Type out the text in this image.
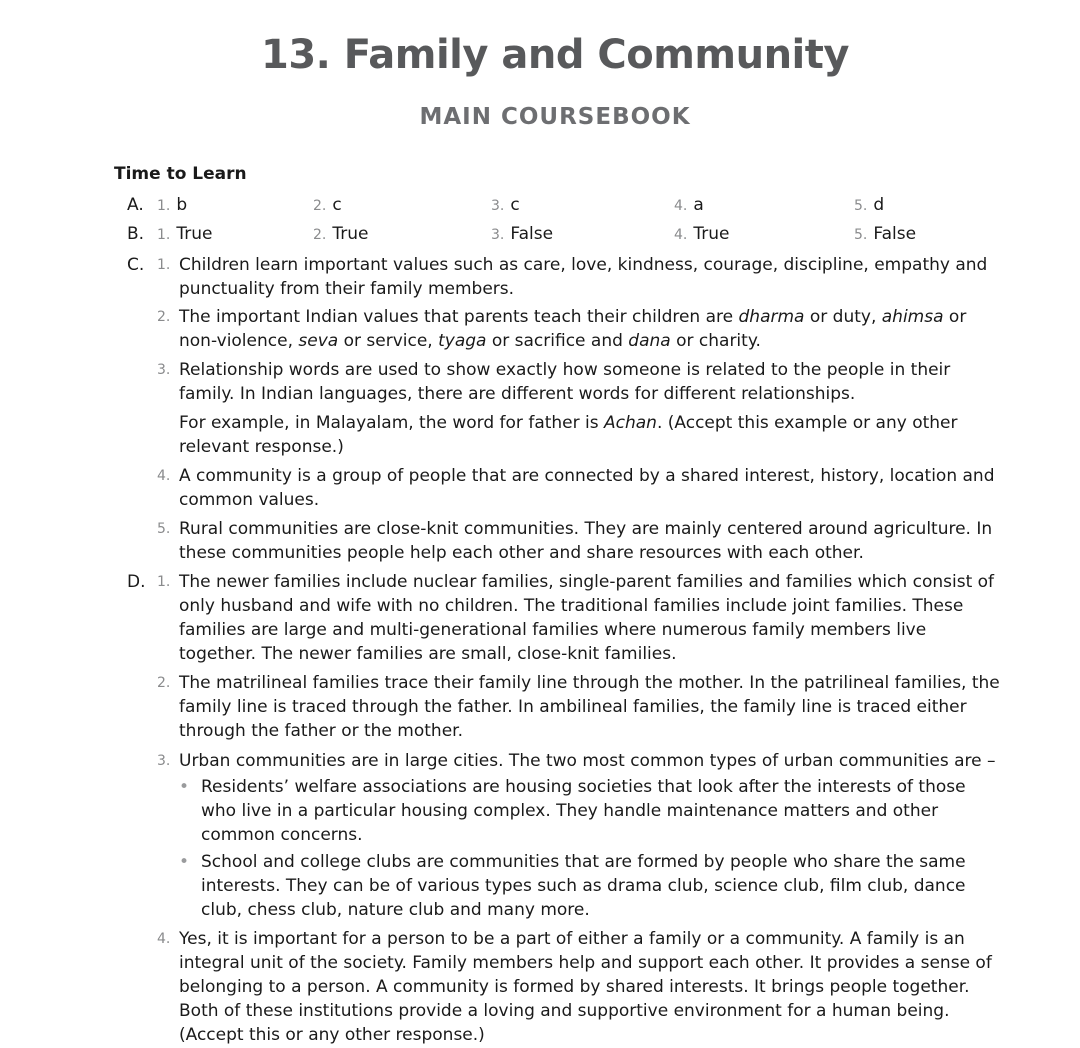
13. Family and Community
MAIN COURSEBOOK
Time to Learn
A. 1. b	2. c	3. c	4. a	5. d
B. 1. True	2. True	3. False	4. True	5. False
C. 1. Children learn important values such as care, love, kindness, courage, discipline, empathy and punctuality from their family members.
2. The important Indian values that parents teach their children are dharma or duty, ahimsa or non-violence, seva or service, tyaga or sacrifice and dana or charity.
3. Relationship words are used to show exactly how someone is related to the people in their family. In Indian languages, there are different words for different relationships.

For example, in Malayalam, the word for father is Achan. (Accept this example or any other relevant response.)

4. A community is a group of people that are connected by a shared interest, history, location and common values.
5. Rural communities are close-knit communities. They are mainly centered around agriculture. In these communities people help each other and share resources with each other.
D. 1. The newer families include nuclear families, single-parent families and families which consist of only husband and wife with no children. The traditional families include joint families. These families are large and multi-generational families where numerous family members live together. The newer families are small, close-knit families.
2. The matrilineal families trace their family line through the mother. In the patrilineal families, the family line is traced through the father. In ambilineal families, the family line is traced either through the father or the mother.
3. Urban communities are in large cities. The two most common types of urban communities are –
• Residents’ welfare associations are housing societies that look after the interests of those who live in a particular housing complex. They handle maintenance matters and other common concerns.
• School and college clubs are communities that are formed by people who share the same interests. They can be of various types such as drama club, science club, film club, dance club, chess club, nature club and many more.
4. Yes, it is important for a person to be a part of either a family or a community. A family is an integral unit of the society. Family members help and support each other. It provides a sense of belonging to a person. A community is formed by shared interests. It brings people together. Both of these institutions provide a loving and supportive environment for a human being. (Accept this or any other response.)
